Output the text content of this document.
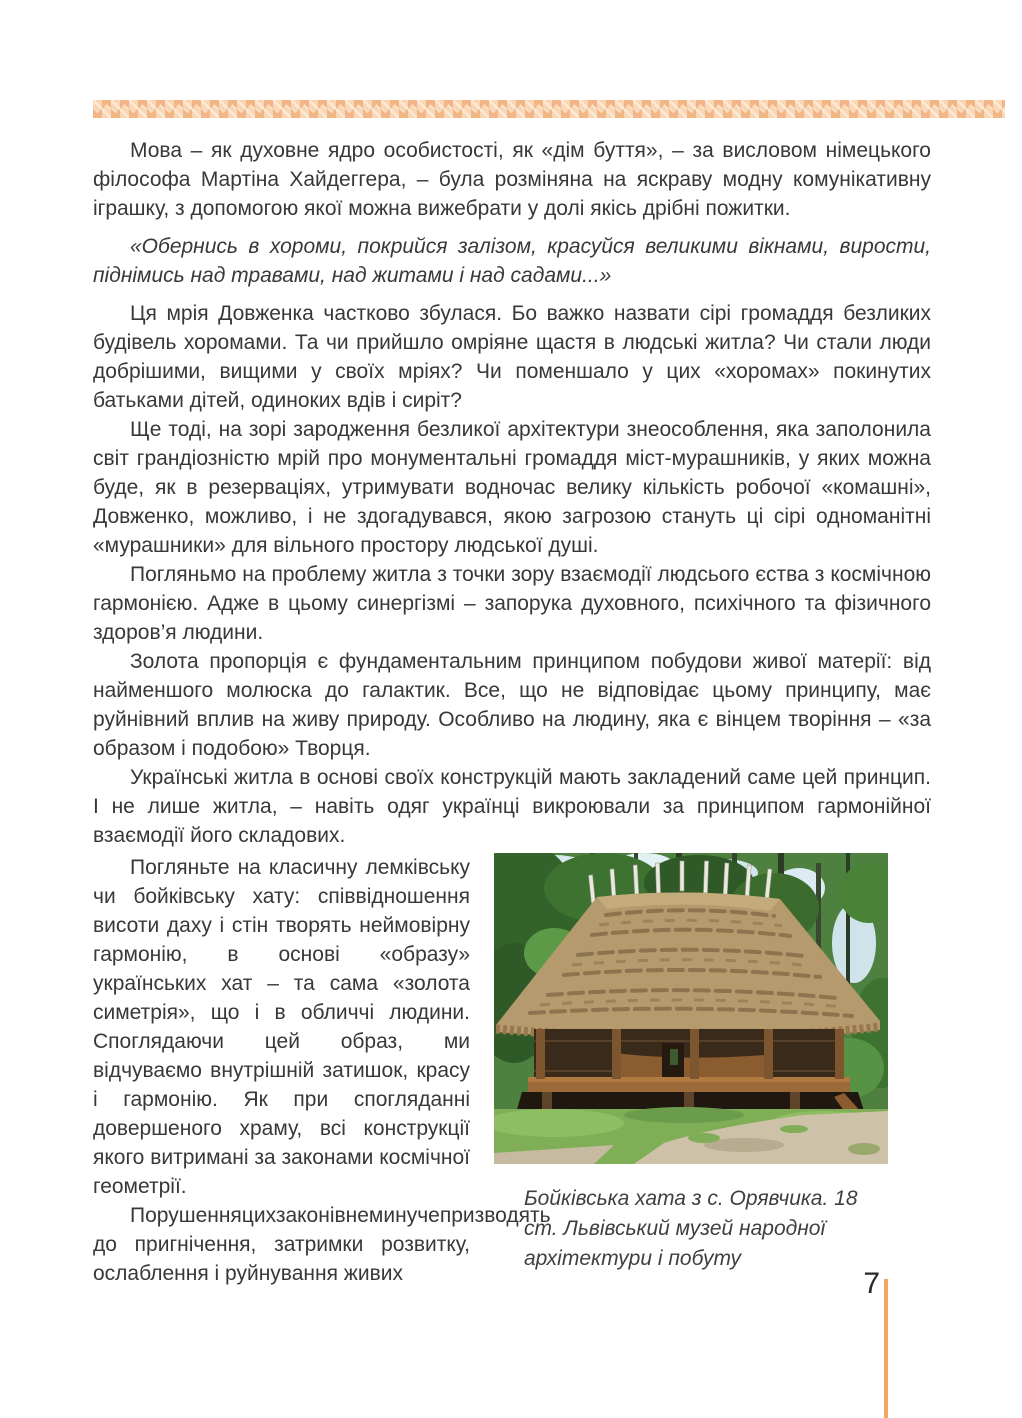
Мова – як духовне ядро особистості, як «дім буття», – за висловом німецького філософа Мартіна Хайдеггера, – була розміняна на яскраву модну комунікативну іграшку, з допомогою якої можна вижебрати у долі якісь дрібні пожитки.

«Обернись в хороми, покрийся залізом, красуйся великими вікнами, вирости, піднімись над травами, над житами і над садами...»

Ця мрія Довженка частково збулася. Бо важко назвати сірі громаддя безликих будівель хоромами. Та чи прийшло омріяне щастя в людські житла? Чи стали люди добрішими, вищими у своїх мріях? Чи поменшало у цих «хоромах» покинутих батьками дітей, одиноких вдів і сиріт?

Ще тоді, на зорі зародження безликої архітектури знеособлення, яка заполонила світ грандіозністю мрій про монументальні громаддя міст-мурашників, у яких можна буде, як в резерваціях, утримувати водночас велику кількість робочої «комашні», Довженко, можливо, і не здогадувався, якою загрозою стануть ці сірі одноманітні «мурашники» для вільного простору людської душі.

Погляньмо на проблему житла з точки зору взаємодії людсього єства з космічною гармонією. Адже в цьому синергізмі – запорука духовного, психічного та фізичного здоров’я людини.

Золота пропорція є фундаментальним принципом побудови живої матерії: від найменшого молюска до галактик. Все, що не відповідає цьому принципу, має руйнівний вплив на живу природу. Особливо на людину, яка є вінцем творіння – «за образом і подобою» Творця.

Українські житла в основі своїх конструкцій мають закладений саме цей принцип. І не лише житла, – навіть одяг українці викроювали за принципом гармонійної взаємодії його складових.

Погляньте на класичну лемківську чи бойківську хату: співвідношення висоти даху і стін творять неймовірну гармонію, в основі «образу» українських хат – та сама «золота симетрія», що і в обличчі людини. Споглядаючи цей образ, ми відчуваємо внутрішній затишок, красу і гармонію. Як при спогляданні довершеного храму, всі конструкції якого витримані за законами космічної геометрії.

Порушенняцихзаконівнеминучепризводять до пригнічення, затримки розвитку, ослаблення і руйнування живих

Бойківська хата з с. Орявчика. 18 ст. Львівський музей народної архітектури і побуту
7
